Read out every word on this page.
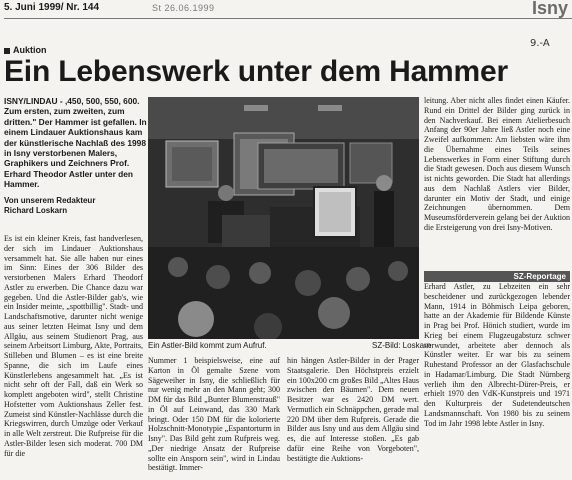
5. Juni 1999/ Nr. 144	St 26.06.1999	Isny
9.-A
Auktion
Ein Lebenswerk unter dem Hammer
ISNY/LINDAU - ,450, 500, 550, 600. Zum ersten, zum zweiten, zum dritten." Der Hammer ist gefallen. In einem Lindauer Auktionshaus kam der künstlerische Nachlaß des 1998 in Isny verstorbenen Malers, Graphikers und Zeichners Prof. Erhard Theodor Astler unter den Hammer.
Von unserem Redakteur
Richard Loskarn
Es ist ein kleiner Kreis, fast handverlesen, der sich im Lindauer Auktionshaus versammelt hat. Sie alle haben nur eines im Sinn: Eines der 306 Bilder des verstorbenen Malers Erhard Theodorf Astler zu erwerben. Die Chance dazu war gegeben. Und die Astler-Bilder gab's, wie ein Insider meinte, „spottbillig". Stadt- und Landschaftsmotive, darunter nicht wenige aus seiner letzten Heimat Isny und dem Allgäu, aus seinem Studienort Prag, aus seinem Arbeitsort Limburg, Akte, Portraits, Stilleben und Blumen – es ist eine breite Spanne, die sich im Laufe eines Künstlerlebens angesammelt hat. „Es ist nicht sehr oft der Fall, daß ein Werk so komplett angeboten wird", stellt Christine Hofstetter vom Auktionshaus Zeller fest. Zumeist sind Künstler-Nachlässe durch die Kriegswirren, durch Umzüge oder Verkauf in alle Welt zerstreut. Die Rufpreise für die Astler-Bilder lesen sich moderat. 700 DM für die
Ein Astler-Bild kommt zum Aufruf.	SZ-Bild: Loskarn
Nummer 1 beispielsweise, eine auf Karton in Öl gemalte Szene vom Sägeweiher in Isny, die schließlich für nur wenig mehr an den Mann geht; 300 DM für das Bild „Bunter Blumenstrauß" in Öl auf Leinwand, das 330 Mark bringt. Oder 150 DM für die kolorierte Holzschnitt-Monotypie „Espantorturm in Isny". Das Bild geht zum Rufpreis weg. „Der niedrige Ansatz der Rufpreise sollte ein Ansporn sein", wird in Lindau bestätigt. Immer-
hin hängen Astler-Bilder in der Prager Staatsgalerie. Den Höchstpreis erzielt ein 100x200 cm großes Bild „Altes Haus zwischen den Bäumen". Dem neuen Besitzer war es 2420 DM wert. Vermutlich ein Schnäppchen, gerade mal 220 DM über dem Rufpreis. Gerade die Bilder aus Isny und aus dem Allgäu sind es, die auf Interesse stoßen. „Es gab dafür eine Reihe von Vorgeboten", bestätigte die Auktions-
leitung. Aber nicht alles findet einen Käufer. Rund ein Drittel der Bilder ging zurück in den Nachverkauf. Bei einem Atelierbesuch Anfang der 90er Jahre ließ Astler noch eine Zweifel aufkommen: Am liebsten wäre ihm die Übernahme eines Teils seines Lebenswerkes in Form einer Stiftung durch die Stadt gewesen. Doch aus diesem Wunsch ist nichts geworden. Die Stadt hat allerdings aus dem Nachlaß Astlers vier Bilder, darunter ein Motiv der Stadt, und einige Zeichnungen übernommen. Dem Museumsförderverein gelang bei der Auktion die Ersteigerung von drei Isny-Motiven.
SZ-Reportage
Erhard Astler, zu Lebzeiten ein sehr bescheidener und zurückgezogen lebender Mann, 1914 in Böhmisch Leipa geboren, hatte an der Akademie für Bildende Künste in Prag bei Prof. Hönich studiert, wurde im Krieg bei einem Flugzeugabsturz schwer verwundet, arbeitete aber dennoch als Künstler weiter. Er war bis zu seinem Ruhestand Professor an der Glasfachschule in Hadamar/Limburg. Die Stadt Nürnberg verlieh ihm den Albrecht-Dürer-Preis, er erhielt 1970 den VdK-Kunstpreis und 1971 den Kulturpreis der Sudetendeutschen Landsmannschaft. Von 1980 bis zu seinem Tod im Jahr 1998 lebte Astler in Isny.
